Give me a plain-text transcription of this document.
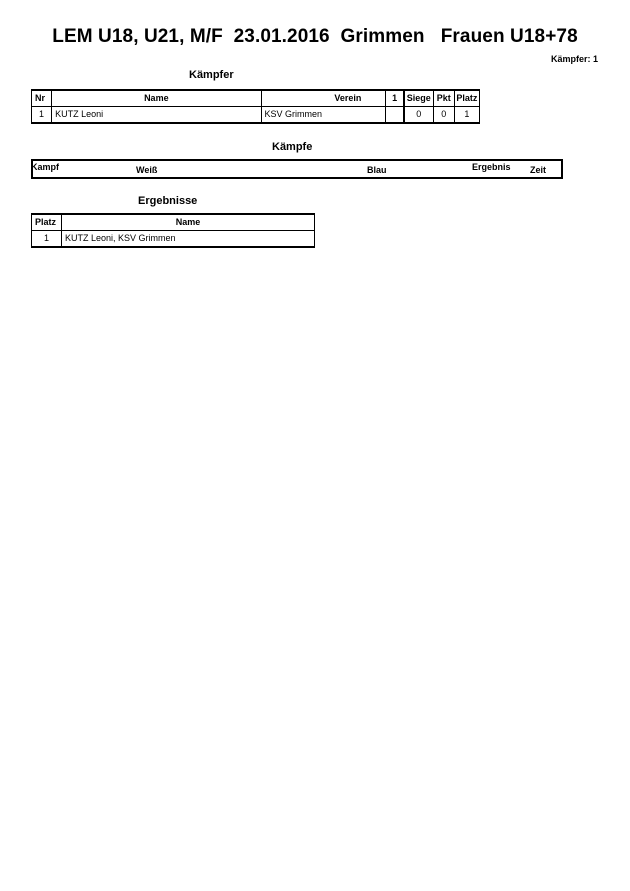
LEM U18, U21, M/F  23.01.2016  Grimmen   Frauen U18+78
Kämpfer: 1
Kämpfer
Nr	Name	Verein	1	Siege	Pkt	Platz
1	KUTZ Leoni	KSV Grimmen		0	0	1
Kämpfe
Kampf	Weiß	Blau	Ergebnis Zeit
Ergebnisse
Platz	Name
1	KUTZ Leoni, KSV Grimmen
